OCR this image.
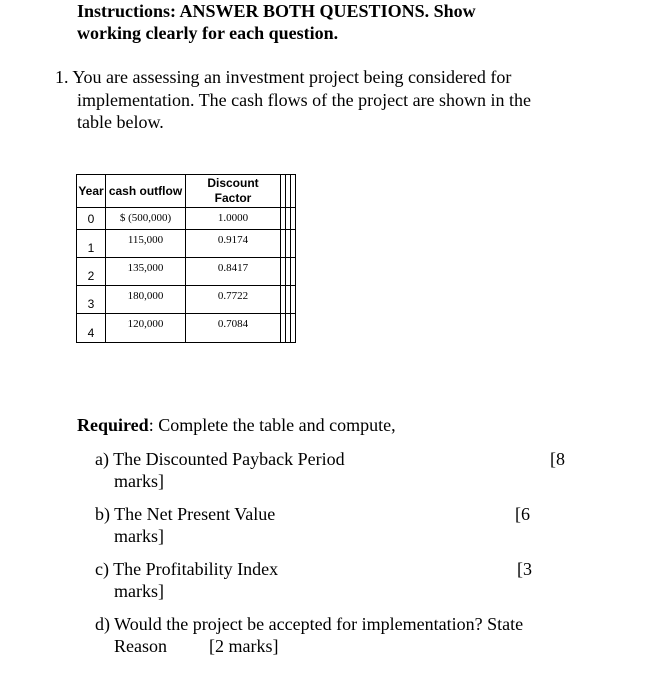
Instructions: ANSWER BOTH QUESTIONS. Show
working clearly for each question.
1. You are assessing an investment project being considered for
implementation. The cash flows of the project are shown in the
table below.
Year	cash outflow	Discount
Factor			
0	$ (500,000)	1.0000			
1	115,000	0.9174			
2	135,000	0.8417			
3	180,000	0.7722			
4	120,000	0.7084			
Required: Complete the table and compute,
a) The Discounted Payback Period	[8
marks]
b) The Net Present Value	[6
marks]
c) The Profitability Index	[3
marks]
d) Would the project be accepted for implementation? State
Reason [2 marks]
